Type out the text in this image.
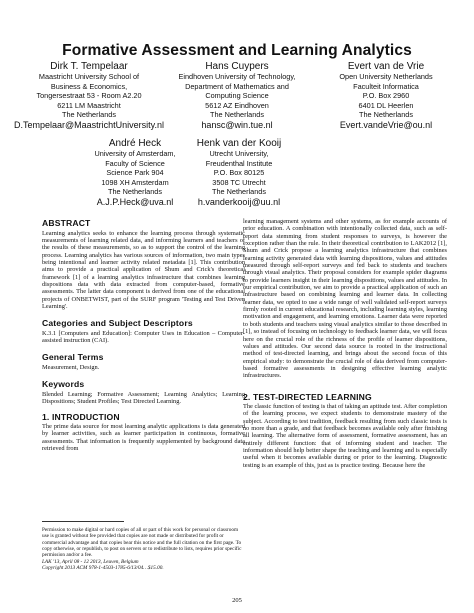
Formative Assessment and Learning Analytics
Dirk T. Tempelaar
Maastricht University School of
Business & Economics,
Tongersestraat 53 - Room A2.20
6211 LM Maastricht
The Netherlands
D.Tempelaar@MaastrichtUniversity.nl
Hans Cuypers
Eindhoven University of Technology,
Department of Mathematics and
Computing Science
5612 AZ Eindhoven
The Netherlands
hansc@win.tue.nl
Evert van de Vrie
Open University Netherlands
Faculteit Informatica
P.O. Box 2960
6401 DL Heerlen
The Netherlands
Evert.vandeVrie@ou.nl
André Heck
University of Amsterdam,
Faculty of Science
Science Park 904
1098 XH Amsterdam
The Netherlands
A.J.P.Heck@uva.nl
Henk van der Kooij
Utrecht University,
Freudenthal Institute
P.O. Box 80125
3508 TC Utrecht
The Netherlands
h.vanderkooij@uu.nl
ABSTRACT

Learning analytics seeks to enhance the learning process through systematic measurements of learning related data, and informing learners and teachers of the results of these measurements, so as to support the control of the learning process. Learning analytics has various sources of information, two main types being intentional and learner activity related metadata [1]. This contribution aims to provide a practical application of Shum and Crick's theoretical framework [1] of a learning analytics infrastructure that combines learning dispositions data with data extracted from computer-based, formative assessments. The latter data component is derived from one of the educational projects of ONBETWIST, part of the SURF program 'Testing and Test Driven Learning'.

Categories and Subject Descriptors

K.3.1 [Computers and Education]: Computer Uses in Education – Computer-assisted instruction (CAI).

General Terms

Measurement, Design.

Keywords

Blended Learning; Formative Assessment; Learning Analytics; Learning Dispositions; Student Profiles; Test Directed Learning.

1. INTRODUCTION

The prime data source for most learning analytic applications is data generated by learner activities, such as learner participation in continuous, formative assessments. That information is frequently supplemented by background data retrieved from

Permission to make digital or hard copies of all or part of this work for personal or classroom use is granted without fee provided that copies are not made or distributed for profit or commercial advantage and that copies bear this notice and the full citation on the first page. To copy otherwise, or republish, to post on servers or to redistribute to lists, requires prior specific permission and/or a fee.
LAK '13, April 08 - 12 2013, Leuven, Belgium
Copyright 2013 ACM 978-1-4503-1785-6/13/04…$15.00.

learning management systems and other systems, as for example accounts of prior education. A combination with intentionally collected data, such as self-report data stemming from student responses to surveys, is however the exception rather than the rule. In their theoretical contribution to LAK2012 [1], Shum and Crick propose a learning analytics infrastructure that combines learning activity generated data with learning dispositions, values and attitudes measured through self-report surveys and fed back to students and teachers through visual analytics. Their proposal considers for example spider diagrams to provide learners insight in their learning dispositions, values and attitudes. In our empirical contribution, we aim to provide a practical application of such an infrastructure based on combining learning and learner data. In collecting learner data, we opted to use a wide range of well validated self-report surveys firmly rooted in current educational research, including learning styles, learning motivation and engagement, and learning emotions. Learner data were reported to both students and teachers using visual analytics similar to those described in [1], so instead of focusing on technology to feedback learner data, we will focus here on the crucial role of the richness of the profile of learner dispositions, values and attitudes. Our second data source is rooted in the instructional method of test-directed learning, and brings about the second focus of this empirical study: to demonstrate the crucial role of data derived from computer-based formative assessments in designing effective learning analytic infrastructures.

2. TEST-DIRECTED LEARNING

The classic function of testing is that of taking an aptitude test. After completion of the learning process, we expect students to demonstrate mastery of the subject. According to test tradition, feedback resulting from such classic tests is no more than a grade, and that feedback becomes available only after finishing all learning. The alternative form of assessment, formative assessment, has an entirely different function: that of informing student and teacher. The information should help better shape the teaching and learning and is especially useful when it becomes available during or prior to the learning. Diagnostic testing is an example of this, just as is practice testing. Because here the

205
